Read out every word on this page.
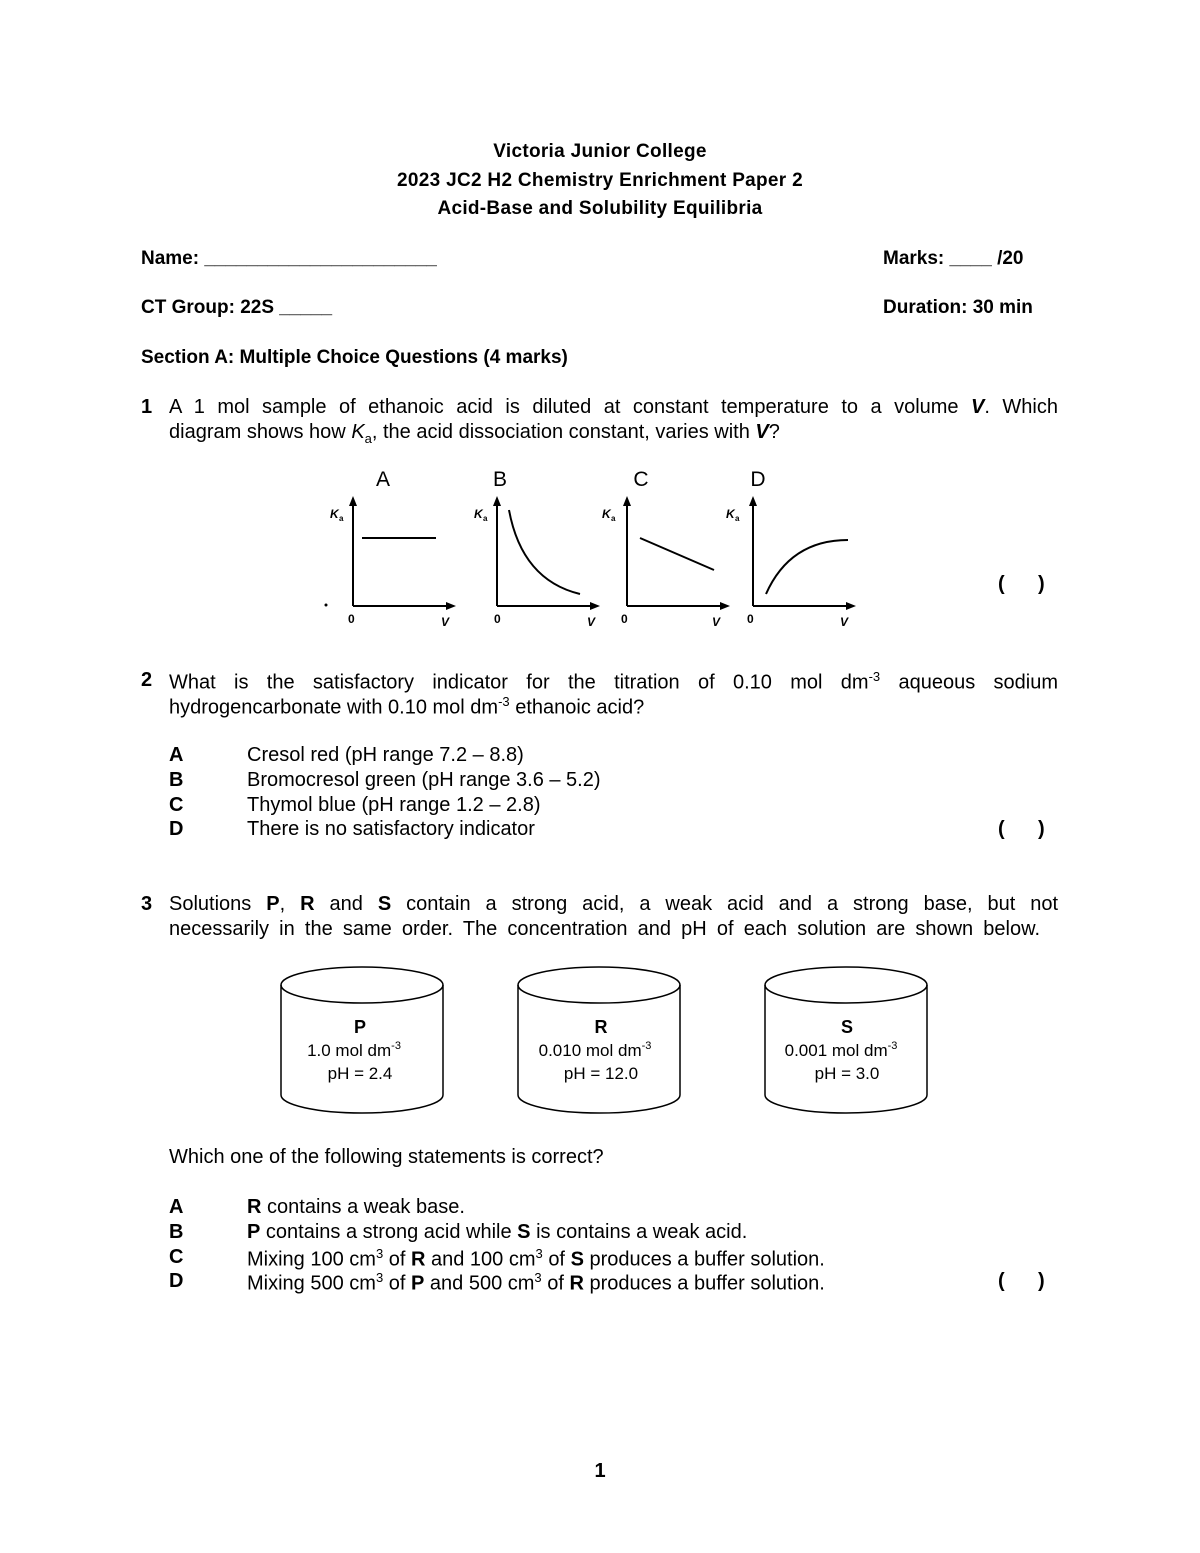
Victoria Junior College
2023 JC2 H2 Chemistry Enrichment Paper 2
Acid-Base and Solubility Equilibria
Name: ______________________	Marks: ____ /20
CT Group: 22S _____	Duration: 30 min
Section A: Multiple Choice Questions (4 marks)
1 A 1 mol sample of ethanoic acid is diluted at constant temperature to a volume V. Which
diagram shows how $K_a$, the acid dissociation constant, varies with V?
A
K a
0	V
B
K a
0	V
C
K a
0	V
D
K a
0	V
(      )
2 What is the satisfactory indicator for the titration of 0.10 mol $dm^{-3}$ aqueous sodium
hydrogencarbonate with 0.10 mol $dm^{-3}$ ethanoic acid?
A	Cresol red (pH range 7.2 – 8.8)
B	Bromocresol green (pH range 3.6 – 5.2)
C	Thymol blue (pH range 1.2 – 2.8)
D	There is no satisfactory indicator	(      )
3 Solutions P, R and S contain a strong acid, a weak acid and a strong base, but not
necessarily in the same order. The concentration and pH of each solution are shown below.
P
1.0 mol $dm^{-3}$
pH = 2.4
R
0.010 mol $dm^{-3}$
pH = 12.0
S
0.001 mol $dm^{-3}$
pH = 3.0
Which one of the following statements is correct?
A	R contains a weak base.
B	P contains a strong acid while S is contains a weak acid.
C	Mixing 100 $cm^3$ of R and 100 $cm^3$ of S produces a buffer solution.
D	Mixing 500 $cm^3$ of P and 500 $cm^3$ of R produces a buffer solution.	(      )
1
